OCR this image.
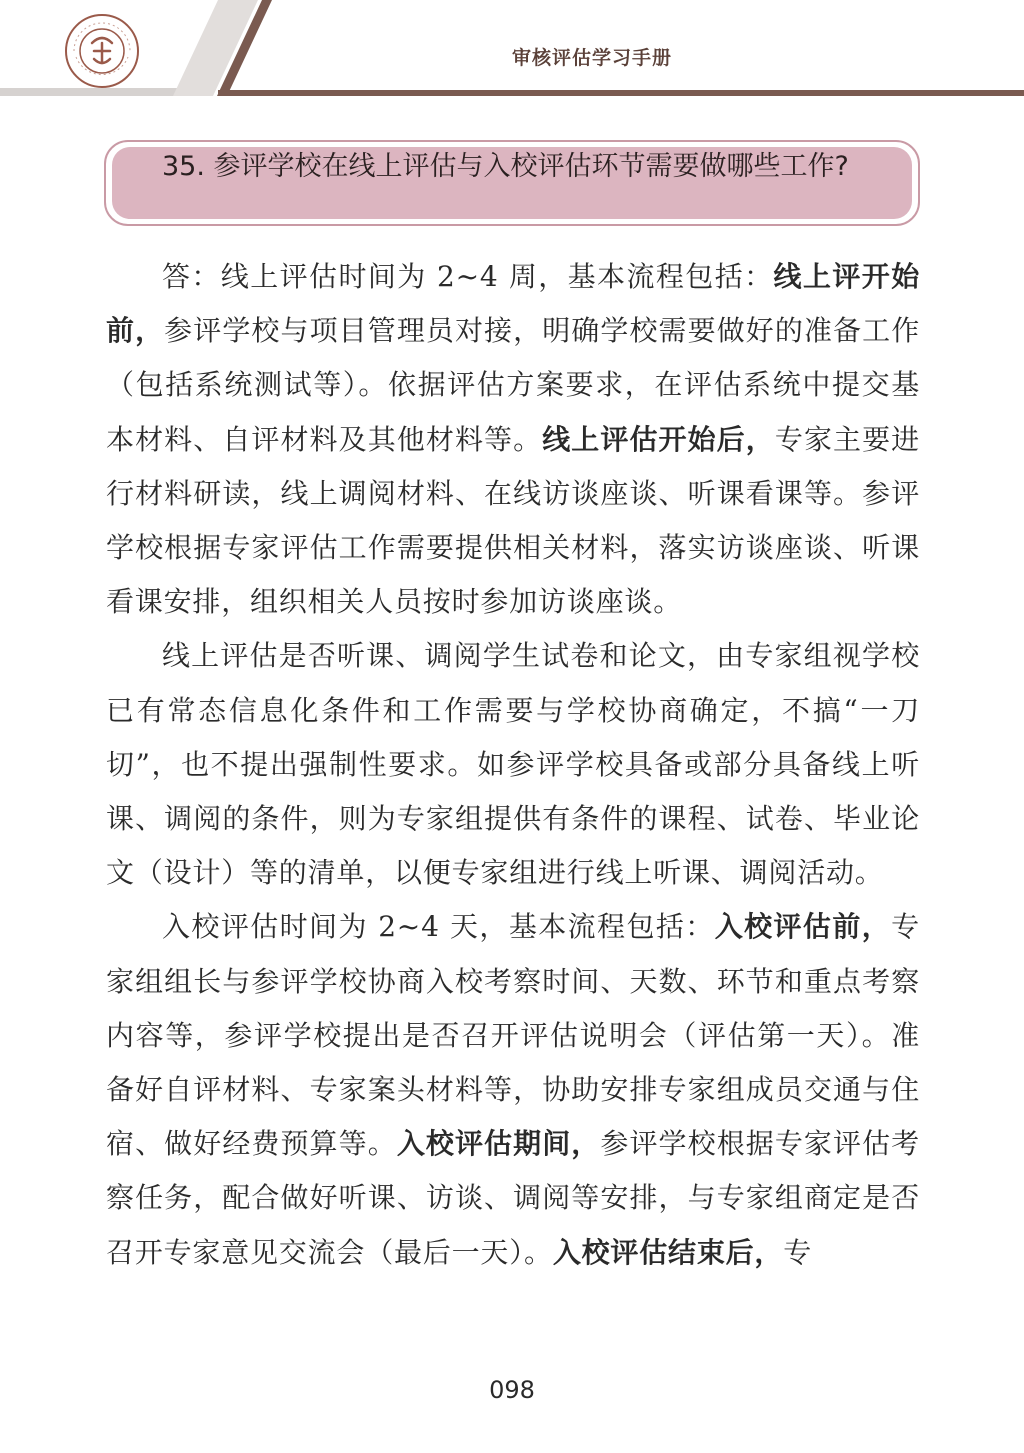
审核评估学习手册
35. 参评学校在线上评估与入校评估环节需要做哪些工作?

答：线上评估时间为 2~4 周，基本流程包括：线上评开始前，参评学校与项目管理员对接，明确学校需要做好的准备工作（包括系统测试等）。依据评估方案要求，在评估系统中提交基本材料、自评材料及其他材料等。线上评估开始后，专家主要进行材料研读，线上调阅材料、在线访谈座谈、听课看课等。参评学校根据专家评估工作需要提供相关材料，落实访谈座谈、听课看课安排，组织相关人员按时参加访谈座谈。

线上评估是否听课、调阅学生试卷和论文，由专家组视学校已有常态信息化条件和工作需要与学校协商确定，不搞“一刀切”，也不提出强制性要求。如参评学校具备或部分具备线上听课、调阅的条件，则为专家组提供有条件的课程、试卷、毕业论文（设计）等的清单，以便专家组进行线上听课、调阅活动。

入校评估时间为 2~4 天，基本流程包括：入校评估前，专家组组长与参评学校协商入校考察时间、天数、环节和重点考察内容等，参评学校提出是否召开评估说明会（评估第一天）。准备好自评材料、专家案头材料等，协助安排专家组成员交通与住宿、做好经费预算等。入校评估期间，参评学校根据专家评估考察任务，配合做好听课、访谈、调阅等安排，与专家组商定是否召开专家意见交流会（最后一天）。入校评估结束后，专

098
